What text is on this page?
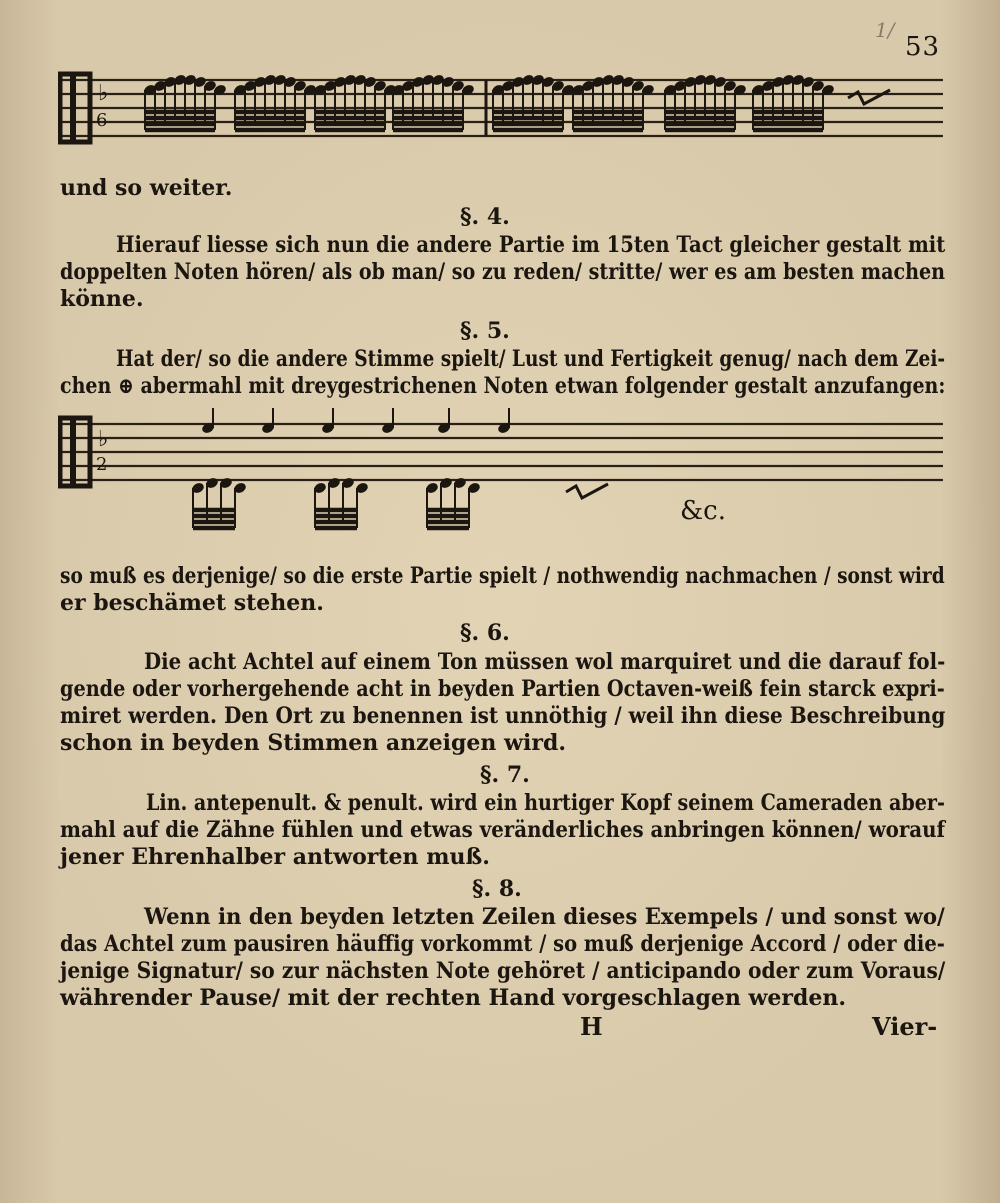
1/
53
♭
6

und so weiter.

§. 4.

Hierauf liesse sich nun die andere Partie im 15ten Tact gleicher gestalt mit

doppelten Noten hören/ als ob man/ so zu reden/ stritte/ wer es am besten machen

könne.

§. 5.

Hat der/ so die andere Stimme spielt/ Lust und Fertigkeit genug/ nach dem Zei-

chen ⊕ abermahl mit dreygestrichenen Noten etwan folgender gestalt anzufangen:

♭
2
&c.

so muß es derjenige/ so die erste Partie spielt / nothwendig nachmachen / sonst wird

er beschämet stehen.

§. 6.

Die acht Achtel auf einem Ton müssen wol marquiret und die darauf fol-

gende oder vorhergehende acht in beyden Partien Octaven-weiß fein starck expri-

miret werden. Den Ort zu benennen ist unnöthig / weil ihn diese Beschreibung

schon in beyden Stimmen anzeigen wird.

§. 7.

Lin. antepenult. & penult. wird ein hurtiger Kopf seinem Cameraden aber-

mahl auf die Zähne fühlen und etwas veränderliches anbringen können/ worauf

jener Ehrenhalber antworten muß.

§. 8.

Wenn in den beyden letzten Zeilen dieses Exempels / und sonst wo/

das Achtel zum pausiren häuffig vorkommt / so muß derjenige Accord / oder die-

jenige Signatur/ so zur nächsten Note gehöret / anticipando oder zum Voraus/

währender Pause/ mit der rechten Hand vorgeschlagen werden.

H	Vier-
